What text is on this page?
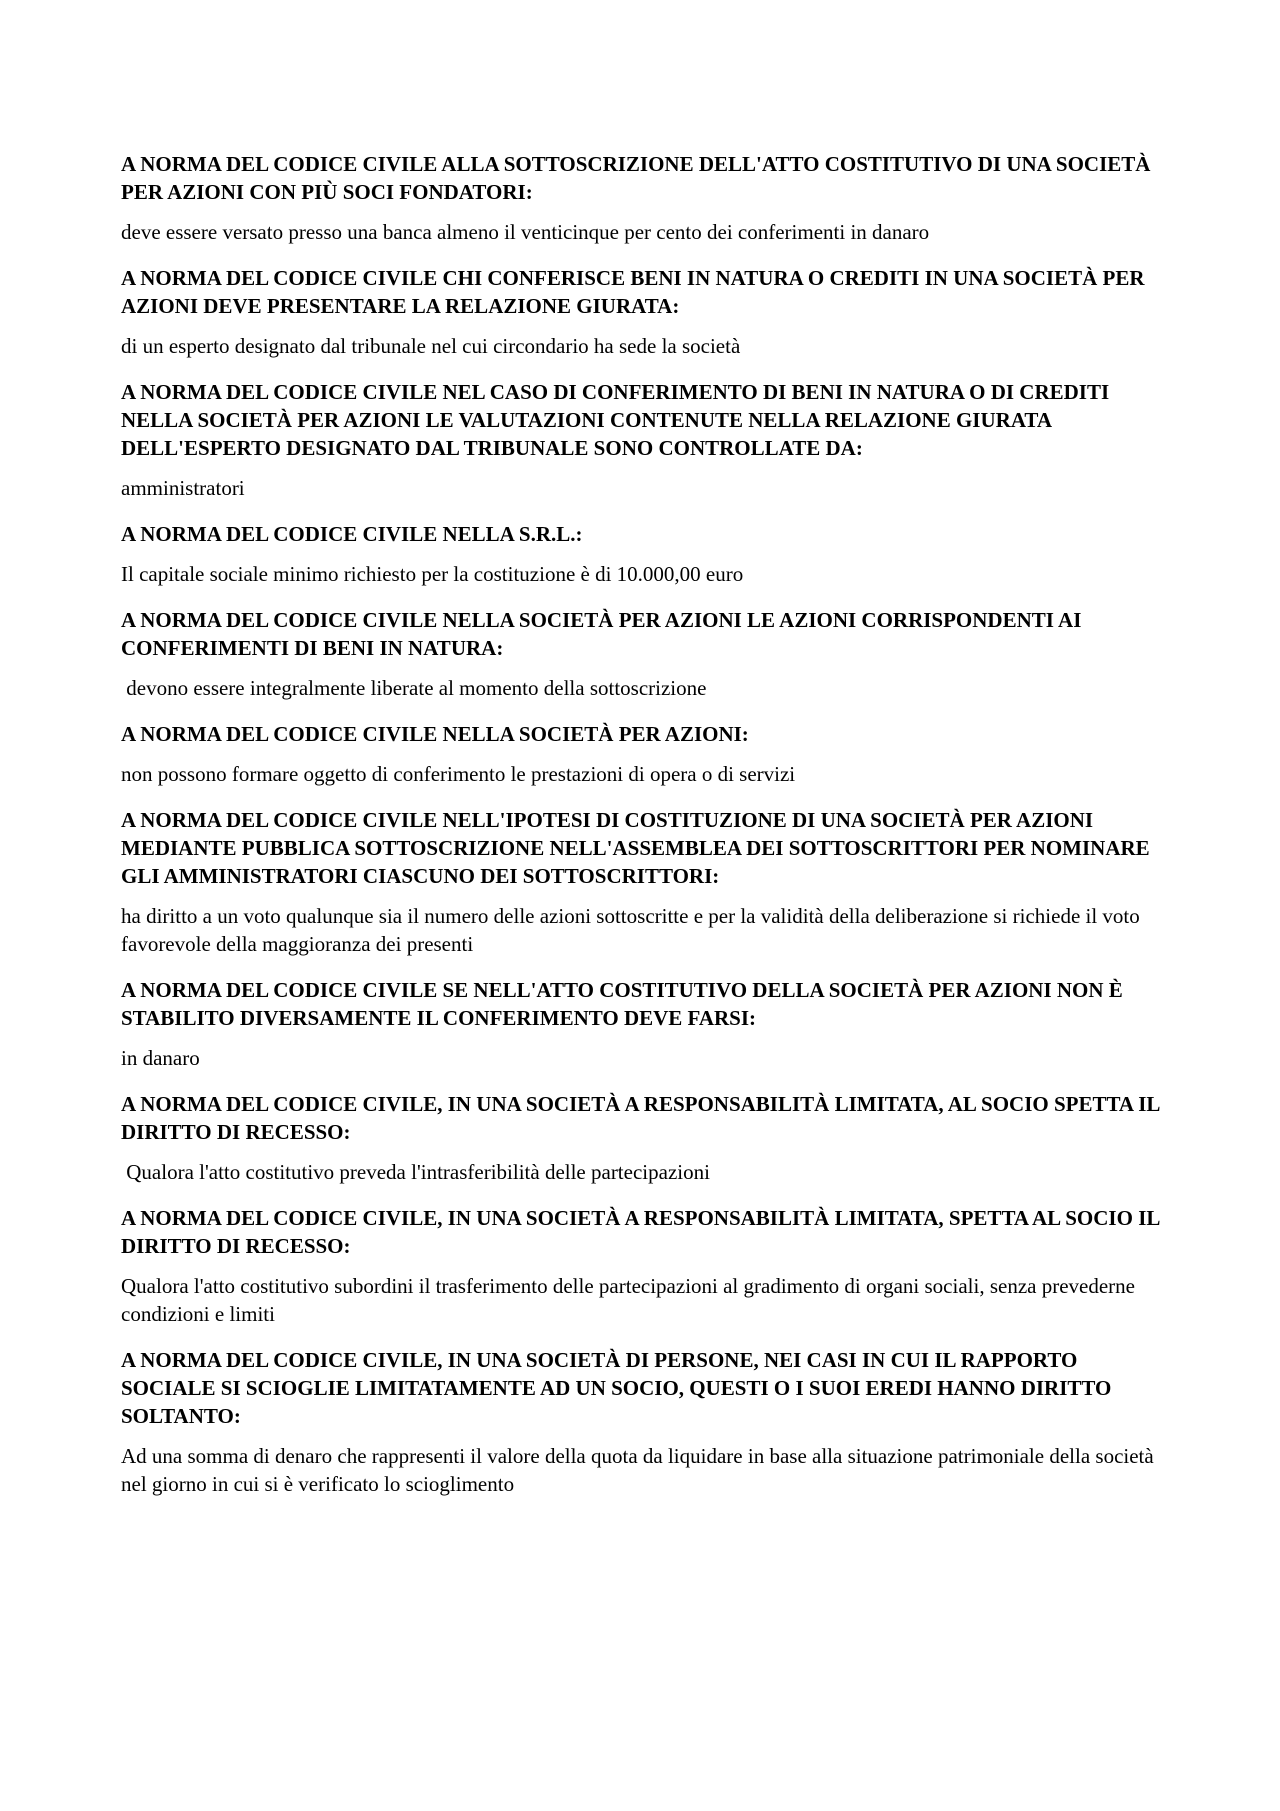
A NORMA DEL CODICE CIVILE ALLA SOTTOSCRIZIONE DELL'ATTO COSTITUTIVO DI UNA SOCIETÀ PER AZIONI CON PIÙ SOCI FONDATORI:

deve essere versato presso una banca almeno il venticinque per cento dei conferimenti in danaro

A NORMA DEL CODICE CIVILE CHI CONFERISCE BENI IN NATURA O CREDITI IN UNA SOCIETÀ PER AZIONI DEVE PRESENTARE LA RELAZIONE GIURATA:

di un esperto designato dal tribunale nel cui circondario ha sede la società

A NORMA DEL CODICE CIVILE NEL CASO DI CONFERIMENTO DI BENI IN NATURA O DI CREDITI NELLA SOCIETÀ PER AZIONI LE VALUTAZIONI CONTENUTE NELLA RELAZIONE GIURATA DELL'ESPERTO DESIGNATO DAL TRIBUNALE SONO CONTROLLATE DA:

amministratori

A NORMA DEL CODICE CIVILE NELLA S.R.L.:

Il capitale sociale minimo richiesto per la costituzione è di 10.000,00 euro

A NORMA DEL CODICE CIVILE NELLA SOCIETÀ PER AZIONI LE AZIONI CORRISPONDENTI AI CONFERIMENTI DI BENI IN NATURA:

devono essere integralmente liberate al momento della sottoscrizione

A NORMA DEL CODICE CIVILE NELLA SOCIETÀ PER AZIONI:

non possono formare oggetto di conferimento le prestazioni di opera o di servizi

A NORMA DEL CODICE CIVILE NELL'IPOTESI DI COSTITUZIONE DI UNA SOCIETÀ PER AZIONI MEDIANTE PUBBLICA SOTTOSCRIZIONE NELL'ASSEMBLEA DEI SOTTOSCRITTORI PER NOMINARE GLI AMMINISTRATORI CIASCUNO DEI SOTTOSCRITTORI:

ha diritto a un voto qualunque sia il numero delle azioni sottoscritte e per la validità della deliberazione si richiede il voto favorevole della maggioranza dei presenti

A NORMA DEL CODICE CIVILE SE NELL'ATTO COSTITUTIVO DELLA SOCIETÀ PER AZIONI NON È STABILITO DIVERSAMENTE IL CONFERIMENTO DEVE FARSI:

in danaro

A NORMA DEL CODICE CIVILE, IN UNA SOCIETÀ A RESPONSABILITÀ LIMITATA, AL SOCIO SPETTA IL DIRITTO DI RECESSO:

Qualora l'atto costitutivo preveda l'intrasferibilità delle partecipazioni

A NORMA DEL CODICE CIVILE, IN UNA SOCIETÀ A RESPONSABILITÀ LIMITATA, SPETTA AL SOCIO IL DIRITTO DI RECESSO:

Qualora l'atto costitutivo subordini il trasferimento delle partecipazioni al gradimento di organi sociali, senza prevederne condizioni e limiti

A NORMA DEL CODICE CIVILE, IN UNA SOCIETÀ DI PERSONE, NEI CASI IN CUI IL RAPPORTO SOCIALE SI SCIOGLIE LIMITATAMENTE AD UN SOCIO, QUESTI O I SUOI EREDI HANNO DIRITTO SOLTANTO:

Ad una somma di denaro che rappresenti il valore della quota da liquidare in base alla situazione patrimoniale della società nel giorno in cui si è verificato lo scioglimento
